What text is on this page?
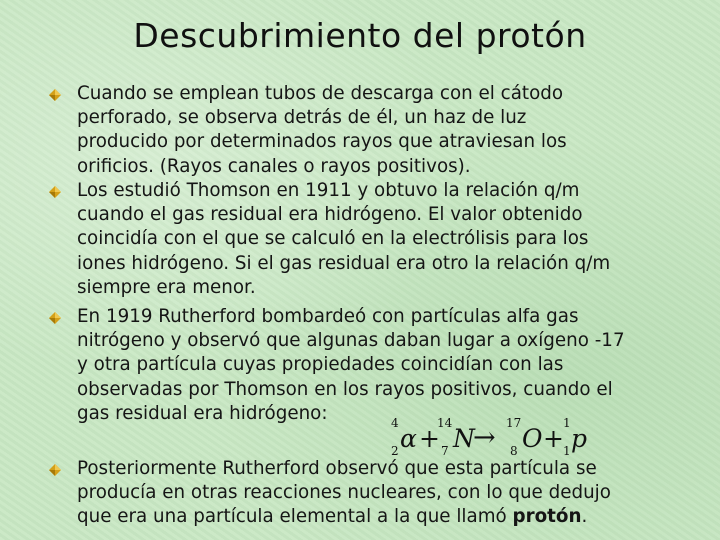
Descubrimiento del protón
Cuando se emplean tubos de descarga con el cátodo
perforado, se observa detrás de él, un haz de luz
producido por determinados rayos que atraviesan los
orificios. (Rayos canales o rayos positivos).
Los estudió Thomson en 1911 y obtuvo la relación q/m
cuando el gas residual era hidrógeno. El valor obtenido
coincidía con el que se calculó en la electrólisis para los
iones hidrógeno. Si el gas residual era otro la relación q/m
siempre era menor.
En 1919 Rutherford bombardeó con partículas alfa gas
nitrógeno y observó que algunas daban lugar a oxígeno -17
y otra partícula cuyas propiedades coincidían con las
observadas por Thomson en los rayos positivos, cuando el
gas residual era hidrógeno:	4
2 α +
14
7 N
→ 17
8 O +
1
1 p
Posteriormente Rutherford observó que esta partícula se
producía en otras reacciones nucleares, con lo que dedujo
que era una partícula elemental a la que llamó protón.
